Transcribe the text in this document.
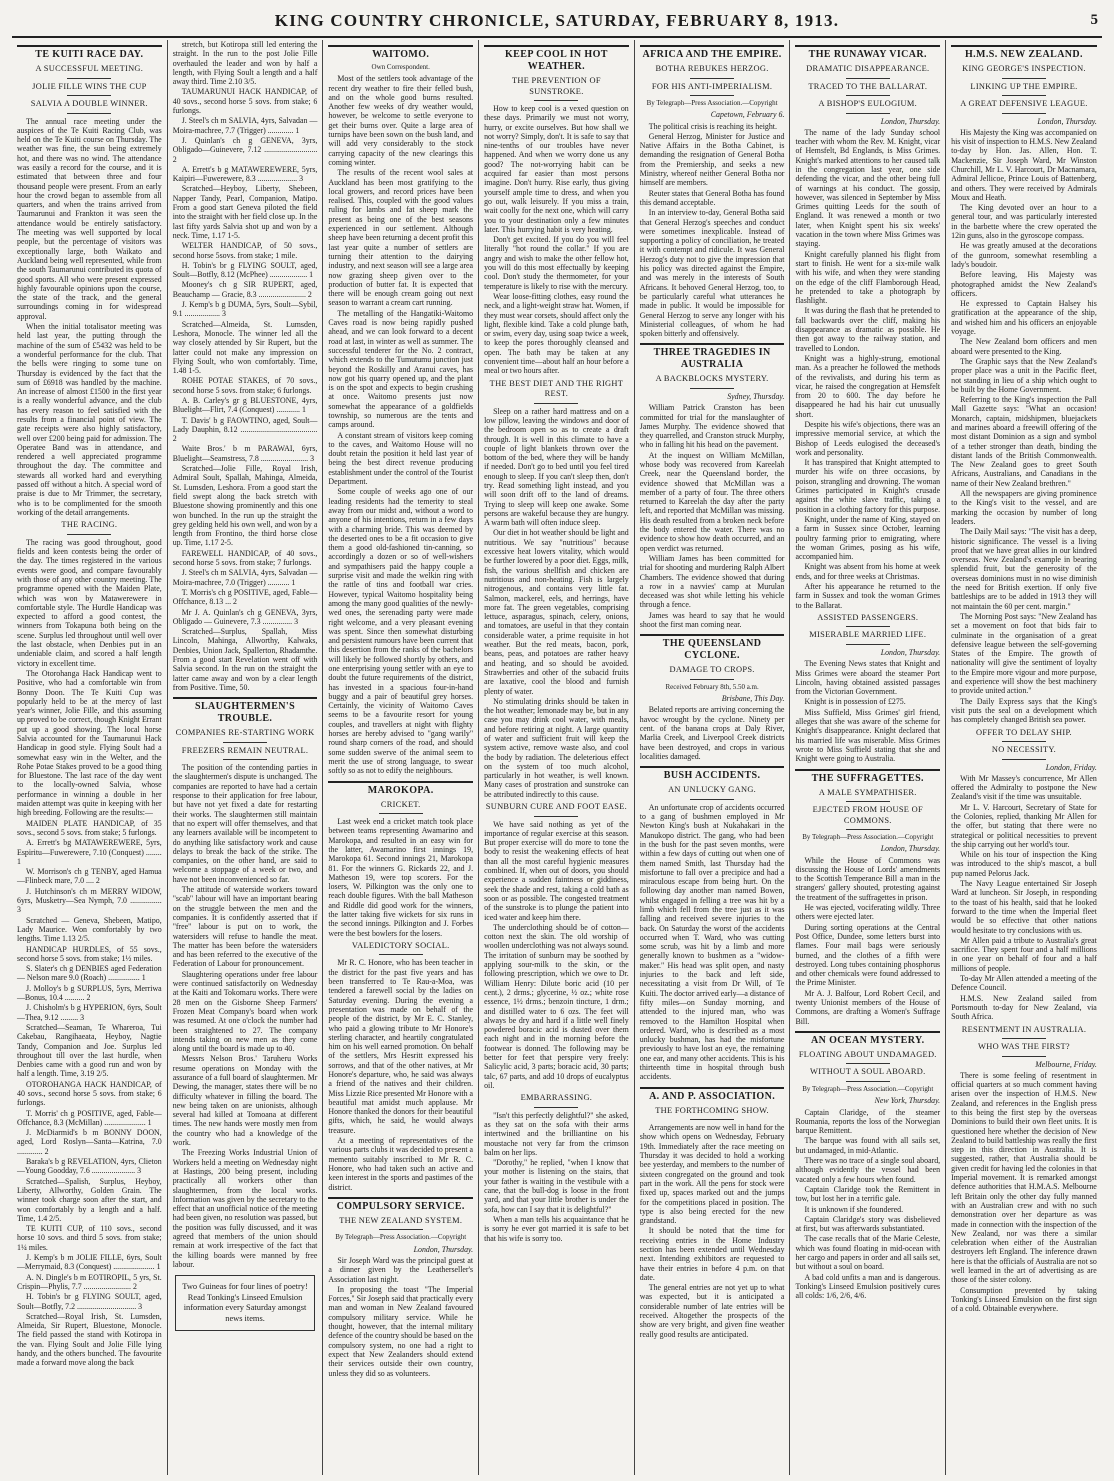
KING COUNTRY CHRONICLE, SATURDAY, FEBRUARY 8, 1913.	5
TE KUITI RACE DAY.
A SUCCESSFUL MEETING.
JOLIE FILLE WINS THE CUP
SALVIA A DOUBLE WINNER.

The annual race meeting under the auspices of the Te Kuiti Racing Club, was held on the Te Kuiti course on Thursday. The weather was fine, the sun being extremely hot, and there was no wind. The attendance was easily a record for the course, and it is estimated that between three and four thousand people were present. From an early hour the crowd began to assemble from all quarters, and when the trains arrived from Taumarunui and Frankton it was seen the attendance would be entirely satisfactory. The meeting was well supported by local people, but the percentage of visitors was exceptionally large, both Waikato and Auckland being well represented, while from the south Taumarunui contributed its quota of good sports. All who were present expressed highly favourable opinions upon the course, the state of the track, and the general surroundings coming in for widespread approval.

When the initial totalisator meeting was held last year, the putting through the machine of the sum of £5432 was held to be a wonderful performance for the club. That the bells were ringing to some tune on Thursday is evidenced by the fact that the sum of £6918 was handled by the machine. An increase of almost £1500 in the first year is a really wonderful advance, and the club has every reason to feel satisfied with the results from a financial point of view. The gate receipts were also highly satisfactory, well over £200 being paid for admission. The Operatee Band was in attendance, and rendered a well appreciated programme throughout the day. The committee and stewards all worked hard and everything passed off without a hitch. A special word of praise is due to Mr Trimmer, the secretary, who is to be complimented for the smooth working of the detail arrangements.

THE RACING.

The racing was good throughout, good fields and keen contests being the order of the day. The times registered in the various events were good, and compare favourably with those of any other country meeting. The programme opened with the Maiden Plate, which was won by Matawerewere in comfortable style. The Hurdle Handicap was expected to afford a good contest, the winners from Tokapuna both being on the scene. Surplus led throughout until well over the last obstacle, when Denbies put in an undeniable claim, and scored a half length victory in excellent time.

The Otorohanga Hack Handicap went to Positive, who had a comfortable win from Bonny Doon. The Te Kuiti Cup was popularly held to be at the mercy of last year's winner, Jolie Fille, and this assuming up proved to be correct, though Knight Errant put up a good showing. The local horse Salvia accounted for the Taumarunui Hack Handicap in good style. Flying Soult had a somewhat easy win in the Welter, and the Rohe Potae Stakes proved to be a good thing for Bluestone. The last race of the day went to the locally-owned Salvia, whose performance in winning a double in her maiden attempt was quite in keeping with her high breeding. Following are the results:—

MAIDEN PLATE HANDICAP, of 35 sovs., second 5 sovs. from stake; 5 furlongs.

A. Errett's bg MATAWEREWERE, 5yrs, Espiritu—Fuwerewere, 7.10 (Conquest) ........ 1

W. Morrison's ch g TENBY, aged Hamua—Flinbeck mare, 7.0 .... 2

J. Hutchinson's ch m MERRY WIDOW, 6yrs, Musketry—Sea Nymph, 7.0 ................ 3

Scratched — Geneva, Shebeen, Matipo, Lady Maurice. Won comfortably by two lengths. Time 1.13 2/5.

HANDICAP HURDLES, of 55 sovs., second horse 5 sovs. from stake; 1½ miles.

S. Slater's ch g DENBIES aged Federation — Nelson mare 9.0 (Roach) ................ 1

J. Molloy's b g SURPLUS, 5yrs, Merriwa—Bonus, 10.4 .......... 2

J. Chisholm's b g HYPERION, 6yrs, Soult—Thea, 9.12 ......... 3

Scratched—Seaman, Te Whareroa, Tui Cakebau, Rangihaeata, Heyboy, Nagtie Tandy, Companion and Joe. Surplus led throughout till over the last hurdle, when Denbies came with a good run and won by half a length. Time, 3.19 2/5.

OTOROHANGA HACK HANDICAP, of 40 sovs., second horse 5 sovs. from stake; 6 furlongs.

T. Morris' ch g POSITIVE, aged, Fable—Offchance, 8.3 (McMillan) ..................... 1

J. McDiarmid's b m BONNY DOON, aged, Lord Roslyn—Santa—Katrina, 7.0 ............. 2

Baraka's b g REVELATION, 4yrs, Clieton—Young Goodday, 7.6 ...................... 3

Scratched—Spalish, Surplus, Heyboy, Liberty, Allworthy, Golden Grain. The winner took charge soon after the start, and won comfortably by a length and a half. Time, 1.4 2/5.

TE KUITI CUP, of 110 sovs., second horse 10 sovs. and third 5 sovs. from stake; 1¼ miles.

J. Kemp's b m JOLIE FILLE, 6yrs, Soult—Merrymaid, 8.3 (Conquest) ..................... 1

A. N. Dingle's b m EOTIROPIL, 5 yrs, St. Crispin—Phylis, 7.7 ........................ 2

H. Tobin's br g FLYING SOULT, aged, Soult—Botfly, 7.2 .............................. 3

Scratched—Royal Irish, St. Lumsden, Almeida, Sir Rupert, Bluestone, Monocle. The field passed the stand with Kotiropa in the van. Flying Soult and Jolie Fille lying handy, and the others bunched. The favourite made a forward move along the back

stretch, but Kotiropa still led entering the straight. In the run to the post Jolie Fille overhauled the leader and won by half a length, with Flying Soult a length and a half away third. Time 2.10 3/5.

TAUMARUNUI HACK HANDICAP, of 40 sovs., second horse 5 sovs. from stake; 6 furlongs.

J. Steel's ch m SALVIA, 4yrs, Salvadan — Moira-machree, 7.7 (Trigger) ............. 1

J. Quinlan's ch g GENEVA, 3yrs, Obligado—Guinevere, 7.12 ........................... 2

A. Errett's b g MATAWEREWERE, 5yrs, Kaipiri—Fuwerewere, 8.3 .................... 3

Scratched—Heyboy, Liberty, Shebeen, Napper Tandy, Pearl, Companion, Matipo. From a good start Geneva piloted the field into the straight with her field close up. In the last fifty yards Salvia shot up and won by a neck. Time, 1.17 1-5.

WELTER HANDICAP, of 50 sovs., second horse 5sovs. from stake; 1 mile.

H. Tobin's br g FLYING SOULT, aged, Soult—Botfly, 8.12 (McPhee) ................... 1

Mooney's ch g SIR RUPERT, aged, Beauchamp — Gracie, 8.3 ........................ 2

J. Kemp's b g DUMA, 5yrs, Soult—Sybil, 9.1 .................. 3

Scratched—Almeida, St. Lumsden, Leshora, Monocle. The winner led all the way closely attended by Sir Rupert, but the latter could not make any impression on Flying Soult, who won comfortably. Time, 1.48 1-5.

ROHE POTAE STAKES, of 70 sovs., second horse 5 sovs. from stake; 6 furlongs.

A. B. Carley's gr g BLUESTONE, 4yrs, Bluelight—Flirt, 7.4 (Conquest) ............ 1

T. Davis' b g FAOWTINO, aged, Soult—Lady Dauphin, 8.12 ....................................... 2

Waite Bros.' b m PARAWAI, 6yrs, Bluelight—Seamstress, 7.8 ........................ 3

Scratched—Jolie Fille, Royal Irish, Admiral Soult, Spallah, Mahinga, Almeida, St. Lumsden, Leshora. From a good start the field swept along the back stretch with Bluestone showing prominently and this one won bunched. In the run up the straight the grey gelding held his own well, and won by a length from Frontino, the third horse close up. Time, 1.17 2-5.

FAREWELL HANDICAP, of 40 sovs., second horse 5 sovs. from stake; 7 furlongs.

J. Steel's ch m SALVIA, 4yrs, Salvadan — Moira-machree, 7.0 (Trigger) ........... 1

T. Morris's ch g POSITIVE, aged, Fable—Offchance, 8.13 ... 2

Mr J. A. Quinlan's ch g GENEVA, 3yrs, Obligado — Guinevere, 7.3 ............... 3

Scratched—Surplus, Spallah, Miss Lincoln, Mahinga, Allworthy, Kalwaks, Denbies, Union Jack, Spallerton, Rhadamthe. From a good start Revelation went off with Salvia second. In the run on the straight the latter came away and won by a clear length from Positive. Time, 50.

SLAUGHTERMEN'S TROUBLE.
COMPANIES RE-STARTING WORK
FREEZERS REMAIN NEUTRAL.

The position of the contending parties in the slaughtermen's dispute is unchanged. The companies are reported to have had a certain response to their application for free labour, but have not yet fixed a date for restarting their works. The slaughtermen still maintain that no expert will offer themselves, and that any learners available will be incompetent to do anything like satisfactory work and cause delays to break the back of the strike. The companies, on the other hand, are said to welcome a stoppage of a week or two, and have not been inconvenienced so far.

The attitude of waterside workers toward "scab" labour will have an important bearing on the struggle between the men and the companies. It is confidently asserted that if "free" labour is put on to work, the watersiders will refuse to handle the meat. The matter has been before the watersiders and has been referred to the executive of the Federation of Labour for pronouncement.

Slaughtering operations under free labour were continued satisfactorily on Wednesday at the Kaiti and Tokomaru works. There were 28 men on the Gisborne Sheep Farmers' Frozen Meat Company's board when work was resumed. At one o'clock the number had been straightened to 27. The company intends taking on new men as they come along until the board is made up to 40.

Messrs Nelson Bros.' Taruheru Works resume operations on Monday with the assurance of a full board of slaughtermen. Mr Dewing, the manager, states there will be no difficulty whatever in filling the board. The new being taken on are unionists, although several had killed at Tomoana at different times. The new hands were mostly men from the country who had a knowledge of the work.

The Freezing Works Industrial Union of Workers held a meeting on Wednesday night at Hastings, 200 being present, including practically all workers other than slaughtermen, from the local works. Information was given by the secretary to the effect that an unofficial notice of the meeting had been given, no resolution was passed, but the position was fully discussed, and it was agreed that members of the union should remain at work irrespective of the fact that the killing boards were manned by free labour.

Two Guineas for four lines of poetry! Read Tonking's Linseed Emulsion information every Saturday amongst news items.
WAITOMO.
Own Correspondent.

Most of the settlers took advantage of the recent dry weather to fire their felled bush, and on the whole good burns resulted. Another few weeks of dry weather would, however, be welcome to settle everyone to get their burns over. Quite a large area of turnips have been sown on the bush land, and will add very considerably to the stock carrying capacity of the new clearings this coming winter.

The results of the recent wool sales at Auckland has been most gratifying to the local growers, and record prices have been realised. This, coupled with the good values ruling for lambs and fat sheep mark the present as being one of the best seasons experienced in our settlement. Although sheep have been returning a decent profit this last year quite a number of settlers are turning their attention to the dairying industry, and next season will see a large area now grazing sheep given over to the production of butter fat. It is expected that there will be enough cream going out next season to warrant a cream cart running.

The metalling of the Hangatiki-Waitomo Caves road is now being rapidly pushed ahead, and we can look forward to a decent road at last, in winter as well as summer. The successful tenderer for the No. 2 contract, which extends to the Tumutumu junction just beyond the Roskilly and Aranui caves, has now got his quarry opened up, and the plant is on the spot and expects to begin crushing at once. Waitomo presents just now somewhat the appearance of a goldfields township, so numerous are the tents and camps around.

A constant stream of visitors keep coming to the caves, and Waitomo House will no doubt retain the position it held last year of being the best direct revenue producing establishment under the control of the Tourist Department.

Some couple of weeks ago one of our leading residents had the temerity to steal away from our midst and, without a word to anyone of his intentions, return in a few days with a charming bride. This was deemed by the deserted ones to be a fit occasion to give them a good old-fashioned tin-canning, so accordingly a dozen or so of well-wishers and sympathisers paid the happy couple a surprise visit and made the welkin ring with the rattle of tins and football war cries. However, typical Waitomo hospitality being among the many good qualities of the newly-wed ones, the serenading party were made right welcome, and a very pleasant evening was spent. Since then somewhat disturbing and persistent rumours have been current that this desertion from the ranks of the bachelors will likely be followed shortly by others, and one enterprising young settler with an eye to doubt the future requirements of the district, has invested in a spacious four-in-hand buggy and a pair of beautiful grey horses. Certainly, the vicinity of Waitomo Caves seems to be a favourite resort for young couples, and travellers at night with flighty horses are hereby advised to "gang warily" round sharp corners of the road, and should some sudden swerve of the animal seem to merit the use of strong language, to swear softly so as not to edify the neighbours.

MAROKOPA.
CRICKET.

Last week end a cricket match took place between teams representing Awamarino and Marokopa, and resulted in an easy win for the latter, Awamarino first innings 19, Marokopa 61. Second innings 21, Marokopa 81. For the winners G. Rickards 22, and J. Matheson 19, were top scorers. For the losers, W. Pilkington was the only one to reach double figures. With the ball Matheson and Riddle did good work for the winners, the latter taking five wickets for six runs in the second innings. Pilkington and J. Forbes were the best bowlers for the losers.

VALEDICTORY SOCIAL.

Mr R. C. Honore, who has been teacher in the district for the past five years and has been transferred to Te Rau-a-Moa, was tendered a farewell social by the ladies on Saturday evening. During the evening a presentation was made on behalf of the people of the district, by Mr E. C. Stanley, who paid a glowing tribute to Mr Honore's sterling character, and heartily congratulated him on his well earned promotion. On behalf of the settlers, Mrs Hesritt expressed his sorrows, and that of the other natives, at Mr Honore's departure, who, he said was always a friend of the natives and their children. Miss Lizzie Rice presented Mr Honore with a beautiful mat amidst much applause. Mr Honore thanked the donors for their beautiful gifts, which, he said, he would always treasure.

At a meeting of representatives of the various parts clubs it was decided to present a memento suitably inscribed to Mr R. C. Honore, who had taken such an active and keen interest in the sports and pastimes of the district.

COMPULSORY SERVICE.
THE NEW ZEALAND SYSTEM.
By Telegraph—Press Association.—Copyright
London, Thursday.

Sir Joseph Ward was the principal guest at a dinner given by the Leatherseller's Association last night.

In proposing the toast "The Imperial Forces," Sir Joseph said that practically every man and woman in New Zealand favoured compulsory military service. While he thought, however, that the internal military defence of the country should be based on the compulsory system, no one had a right to expect that New Zealanders should extend their services outside their own country, unless they did so as volunteers.

KEEP COOL IN HOT WEATHER.
THE PREVENTION OF SUNSTROKE.

How to keep cool is a vexed question on these days. Primarily we must not worry, hurry, or excite ourselves. But how shall we not worry? Simply, don't. It is safe to say that nine-tenths of our troubles have never happened. And when we worry done us any good? The not-worrying habit can be acquired far easier than most persons imagine. Don't hurry. Rise early, thus giving yourself ample time to dress, and when you go out, walk leisurely. If you miss a train, wait coolly for the next one, which will carry you to your destination only a few minutes later. This hurrying habit is very heating.

Don't get excited. If you do you will feel literally "hot round the collar." If you are angry and wish to make the other fellow hot, you will do this most effectually by keeping cool. Don't study the thermometer, for your temperature is likely to rise with the mercury.

Wear loose-fitting clothes, easy round the neck, and a light-weight straw hat. Women, if they must wear corsets, should affect only the light, flexible kind. Take a cold plunge bath, or swim, every day, using soap twice a week, to keep the pores thoroughly cleansed and open. The bath may be taken at any convenient time—about half an hour before a meal or two hours after.

THE BEST DIET AND THE RIGHT REST.

Sleep on a rather hard mattress and on a low pillow, leaving the windows and door of the bedroom open so as to create a draft through. It is well in this climate to have a couple of light blankets thrown over the bottom of the bed, where they will be handy if needed. Don't go to bed until you feel tired enough to sleep. If you can't sleep then, don't try. Read something light instead, and you will soon drift off to the land of dreams. Trying to sleep will keep one awake. Some persons are wakeful because they are hungry. A warm bath will often induce sleep.

Our diet in hot weather should be light and nutritious. We say "nutritious" because excessive heat lowers vitality, which would be further lowered by a poor diet. Eggs, milk, fish, the various shellfish and chicken are nutritious and non-heating. Fish is largely nitrogenous, and contains very little fat. Salmon, mackerel, eels, and herrings, have more fat. The green vegetables, comprising lettuce, asparagus, spinach, celery, onions, and tomatoes, are useful in that they contain considerable water, a prime requisite in hot weather. But the red meats, bacon, pork, beans, peas, and potatoes are rather heavy and heating, and so should be avoided. Strawberries and other of the subacid fruits are laxative, cool the blood and furnish plenty of water.

No stimulating drinks should be taken in the hot weather; lemonade may be, but in any case you may drink cool water, with meals, and before retiring at night. A large quantity of water and sufficient fruit will keep the system active, remove waste also, and cool the body by radiation. The deleterious effect on the system of too much alcohol, particularly in hot weather, is well known. Many cases of prostration and sunstroke can be attributed indirectly to this cause.

SUNBURN CURE AND FOOT EASE.

We have said nothing as yet of the importance of regular exercise at this season. But proper exercise will do more to tone the body to resist the weakening effects of heat than all the most careful hygienic measures combined. If, when out of doors, you should experience a sudden faintness or giddiness, seek the shade and rest, taking a cold bath as soon or as possible. The congested treatment of the sunstroke is to plunge the patient into iced water and keep him there.

The underclothing should be of cotton—cotton next the skin. The old worship of woollen underclothing was not always sound. The irritation of sunburn may be soothed by applying sour-milk to the skin, or the following prescription, which we owe to Dr. William Henry: Dilute boric acid (10 per cent.), 2 drms.; glycerine, ½ oz.; white rose essence, 1½ drms.; benzoin tincture, 1 drm.; and distilled water to 6 ozs. The feet will always be dry and hard if a little well finely powdered boracic acid is dusted over them each night and in the morning before the footwear is donned. The following may be better for feet that perspire very freely: Salicylic acid, 3 parts; boracic acid, 30 parts; talc, 67 parts, and add 10 drops of eucalyptus oil.

EMBARRASSING.

"Isn't this perfectly delightful?" she asked, as they sat on the sofa with their arms intertwined and the brilliantine on his moustache not very far from the crimson balm on her lips.

"Dorothy," he replied, "when I know that your mother is listening on the stairs, that your father is waiting in the vestibule with a cane, that the bull-dog is loose in the front yard, and that your little brother is under the sofa, how can I say that it is delightful?"

When a man tells his acquaintance that he is sorry he ever got married it is safe to bet that his wife is sorry too.

AFRICA AND THE EMPIRE.
BOTHA REBUKES HERZOG.
FOR HIS ANTI-IMPERIALISM.
By Telegraph—Press Association.—Copyright
Capetown, February 6.

The political crisis is reaching its height.

General Herzog, Minister for Justice and Native Affairs in the Botha Cabinet, is demanding the resignation of General Botha from the Premiership, and seeks a new Ministry, whereof neither General Botha nor himself are members.

Reuter states that General Botha has found this demand acceptable.

In an interview to-day, General Botha said that General Herzog's speeches and conduct were sometimes inexplicable. Instead of supporting a policy of conciliation, he treated it with contempt and ridicule. It was General Herzog's duty not to give the impression that his policy was directed against the Empire, and was merely in the interests of South Africans. It behoved General Herzog, too, to be particularly careful what utterances he made in public. It would be impossible for General Herzog to serve any longer with his Ministerial colleagues, of whom he had spoken bitterly and offensively.

THREE TRAGEDIES IN AUSTRALIA
A BACKBLOCKS MYSTERY.
Sydney, Thursday.

William Patrick Cranston has been committed for trial for the manslaughter of James Murphy. The evidence showed that they quarrelled, and Cranston struck Murphy, who in falling hit his head on the pavement.

At the inquest on William McMillan, whose body was recovered from Kareelah Creek, near the Queensland border, the evidence showed that McMillan was a member of a party of four. The three others returned to Kareelah the day after the party left, and reported that McMillan was missing. His death resulted from a broken neck before the body entered the water. There was no evidence to show how death occurred, and an open verdict was returned.

William James has been committed for trial for shooting and murdering Ralph Albert Chambers. The evidence showed that during a row in a navvies' camp at Murulan deceased was shot while letting his vehicle through a fence.

James was heard to say that he would shoot the first man coming near.

THE QUEENSLAND CYCLONE.
DAMAGE TO CROPS.
Received February 8th, 5.50 a.m.
Brisbane, This Day.

Belated reports are arriving concerning the havoc wrought by the cyclone. Ninety per cent. of the banana crops at Daly River, Marlia Creek, and Liverpool Creek districts have been destroyed, and crops in various localities damaged.

BUSH ACCIDENTS.
AN UNLUCKY GANG.

An unfortunate crop of accidents occurred to a gang of bushmen employed in Mr Newton King's bush at Nukahakari in the Manukopo district. The gang, who had been in the bush for the past seven months, were within a few days of cutting out when one of them named Smith, last Thursday had the misfortune to fall over a precipice and had a miraculous escape from being hurt. On the following day another man named Bowen, whilst engaged in felling a tree was hit by a limb which fell from the tree just as it was falling and received severe injuries to the back. On Saturday the worst of the accidents occurred when T. Ward, who was cutting some scrub, was hit by a limb and more generally known to bushmen as a "widow-maker." His head was split open, and nasty injuries to the back and left side, necessitating a visit from Dr Will, of Te Kuiti. The doctor arrived early—a distance of fifty miles—on Sunday morning, and attended to the injured man, who was removed to the Hamilton Hospital when ordered. Ward, who is described as a most unlucky bushman, has had the misfortune previously to have lost an eye, the remaining one ear, and many other accidents. This is his thirteenth time in hospital through bush accidents.

A. AND P. ASSOCIATION.
THE FORTHCOMING SHOW.

Arrangements are now well in hand for the show which opens on Wednesday, February 19th. Immediately after the race meeting on Thursday it was decided to hold a working bee yesterday, and members to the number of sixteen congregated on the ground and took part in the work. All the pens for stock were fixed up, spaces marked out and the jumps for the competitions placed in position. The type is also being erected for the new grandstand.

It should be noted that the time for receiving entries in the Home Industry section has been extended until Wednesday next. Intending exhibitors are requested to have their entries in before 4 p.m. on that date.

The general entries are not yet up to what was expected, but it is anticipated a considerable number of late entries will be received. Altogether the prospects of the show are very bright, and given fine weather really good results are anticipated.

THE RUNAWAY VICAR.
DRAMATIC DISAPPEARANCE.
TRACED TO THE BALLARAT.
A BISHOP'S EULOGIUM.
London, Thursday.

The name of the lady Sunday school teacher with whom the Rev. M. Knight, vicar of Hemsfelt, Bd Englands, is Miss Grimes. Knight's marked attentions to her caused talk in the congregation last year, one side defending the vicar, and the other being full of warnings at his conduct. The gossip, however, was silenced in September by Miss Grimes quitting Leeds for the south of England. It was renewed a month or two later, when Knight spent his six weeks' vacation in the town where Miss Grimes was staying.

Knight carefully planned his flight from start to finish. He went for a six-mile walk with his wife, and when they were standing on the edge of the cliff Flamborough Head, he pretended to take a photograph by flashlight.

It was during the flash that he pretended to fall backwards over the cliff, making his disappearance as dramatic as possible. He then got away to the railway station, and travelled to London.

Knight was a highly-strung, emotional man. As a preacher he followed the methods of the revivalists, and during his term as vicar, he raised the congregation at Hemsfelt from 20 to 600. The day before he disappeared he had his hair cut unusually short.

Despite his wife's objections, there was an impressive memorial service, at which the Bishop of Leeds eulogised the deceased's work and personality.

It has transpired that Knight attempted to murder his wife on three occasions, by poison, strangling and drowning. The woman Grimes participated in Knight's crusade against the white slave traffic, taking a position in a clothing factory for this purpose.

Knight, under the name of King, stayed on a farm in Sussex since October, learning poultry farming prior to emigrating, where the woman Grimes, posing as his wife, accompanied him.

Knight was absent from his home at week ends, and for three weeks at Christmas.

After his appearance he returned to the farm in Sussex and took the woman Grimes to the Ballarat.

ASSISTED PASSENGERS.
MISERABLE MARRIED LIFE.
London, Thursday.

The Evening News states that Knight and Miss Grimes were aboard the steamer Port Lincoln, having obtained assisted passages from the Victorian Government.

Knight is in possession of £275.

Miss Suffield, Miss Grimes' girl friend, alleges that she was aware of the scheme for Knight's disappearance. Knight declared that his married life was miserable. Miss Grimes wrote to Miss Suffield stating that she and Knight were going to Australia.

THE SUFFRAGETTES.
A MALE SYMPATHISER.
EJECTED FROM HOUSE OF COMMONS.
By Telegraph—Press Association.—Copyright
London, Thursday.

While the House of Commons was discussing the House of Lords' amendments to the Scottish Temperance Bill a man in the strangers' gallery shouted, protesting against the treatment of the suffragettes in prison.

He was ejected, vociferating wildly. Three others were ejected later.

During sorting operations at the Central Post Office, Dundee, some letters burst into flames. Four mail bags were seriously burned, and the clothes of a fifth were destroyed. Long tubes containing phosphorus and other chemicals were found addressed to the Prime Minister.

Mr A. J. Balfour, Lord Robert Cecil, and twenty Unionist members of the House of Commons, are drafting a Women's Suffrage Bill.

AN OCEAN MYSTERY.
FLOATING ABOUT UNDAMAGED.
WITHOUT A SOUL ABOARD.
By Telegraph—Press Association.—Copyright
New York, Thursday.

Captain Claridge, of the steamer Roumania, reports the loss of the Norwegian barque Remittent.

The barque was found with all sails set, but undamaged, in mid-Atlantic.

There was no trace of a single soul aboard, although evidently the vessel had been vacated only a few hours when found.

Captain Claridge took the Remittent in tow, but lost her in a terrific gale.

It is unknown if she foundered.

Captain Claridge's story was disbelieved at first, but was afterwards substantiated.

The case recalls that of the Marie Celeste, which was found floating in mid-ocean with her cargo and papers in order and all sails set, but without a soul on board.

A bad cold unfits a man and is dangerous. Tonking's Linseed Emulsion positively cures all colds: 1/6, 2/6, 4/6.

H.M.S. NEW ZEALAND.
KING GEORGE'S INSPECTION.
LINKING UP THE EMPIRE.
A GREAT DEFENSIVE LEAGUE.
London, Thursday.

His Majesty the King was accompanied on his visit of inspection to H.M.S. New Zealand to-day by Hon. Jas. Allen, Hon. T. Mackenzie, Sir Joseph Ward, Mr Winston Churchill, Mr L. V. Harcourt, Dr Macnamara, Admiral Jellicoe, Prince Louis of Battenberg, and others. They were received by Admirals Moux and Heath.

The King devoted over an hour to a general tour, and was particularly interested in the barbette where the crew operated the 12in guns, also in the gyroscope compass.

He was greatly amused at the decorations of the gunroom, somewhat resembling a lady's boudoir.

Before leaving, His Majesty was photographed amidst the New Zealand's officers.

He expressed to Captain Halsey his gratification at the appearance of the ship, and wished him and his officers an enjoyable voyage.

The New Zealand born officers and men aboard were presented to the King.

The Graphic says that the New Zealand's proper place was a unit in the Pacific fleet, not standing in lieu of a ship which ought to be built by the Home Government.

Referring to the King's inspection the Pall Mall Gazette says: "What an occasion! Monarch, captain, midshipmen, bluejackets and marines aboard a freewill offering of the most distant Dominion as a sign and symbol of a tether stronger than death, binding the distant lands of the British Commonwealth. The New Zealand goes to greet South Africans, Australians, and Canadians in the name of their New Zealand brethren."

All the newspapers are giving prominence to the King's visit to the vessel, and are marking the occasion by number of long leaders.

The Daily Mail says: "The visit has a deep, historic significance. The vessel is a living proof that we have great allies in our kindred overseas. New Zealand's example in bearing splendid fruit, but the generosity of the overseas dominions must in no wise diminish the need for British exertion. If only five battleships are to be added in 1913 they will not maintain the 60 per cent. margin."

The Morning Post says: "New Zealand has set a movement on foot that bids fair to culminate in the organisation of a great defensive league between the self-governing States of the Empire. The growth of nationality will give the sentiment of loyalty to the Empire more vigour and more purpose, and experience will show the best machinery to provide united action."

The Daily Express says that the King's visit puts the seal on a development which has completely changed British sea power.

OFFER TO DELAY SHIP.
NO NECESSITY.
London, Friday.

With Mr Massey's concurrence, Mr Allen offered the Admiralty to postpone the New Zealand's visit if the time was unsuitable.

Mr L. V. Harcourt, Secretary of State for the Colonies, replied, thanking Mr Allen for the offer, but stating that there were no strategical or political necessities to prevent the ship carrying out her world's tour.

While on his tour of inspection the King was introduced to the ship's mascot, a bull pup named Pelorus Jack.

The Navy League entertained Sir Joseph Ward at luncheon. Sir Joseph, in responding to the toast of his health, said that he looked forward to the time when the Imperial fleet would be so effective that other nations would hesitate to try conclusions with us.

Mr Allen paid a tribute to Australia's great sacrifice. They spent four and a half millions in one year on behalf of four and a half millions of people.

To-day Mr Allen attended a meeting of the Defence Council.

H.M.S. New Zealand sailed from Portsmouth to-day for New Zealand, via South Africa.

RESENTMENT IN AUSTRALIA.
WHO WAS THE FIRST?
Melbourne, Friday.

There is some feeling of resentment in official quarters at so much comment having arisen over the inspection of H.M.S. New Zealand, and references in the English press to this being the first step by the overseas Dominions to build their own fleet units. It is questioned here whether the decision of New Zealand to build battleship was really the first step in this direction in Australia. It is suggested, rather, that Australia should be given credit for having led the colonies in that Imperial movement. It is remarked amongst defence authorities that H.M.A.S. Melbourne left Britain only the other day fully manned with an Australian crew and with no such demonstration over her departure as was made in connection with the inspection of the New Zealand, nor was there a similar celebration when either of the Australian destroyers left England. The inference drawn here is that the officials of Australia are not so well learned in the art of advertising as are those of the sister colony.

Consumption prevented by taking Tonking's Linseed Emulsion on the first sign of a cold. Obtainable everywhere.
